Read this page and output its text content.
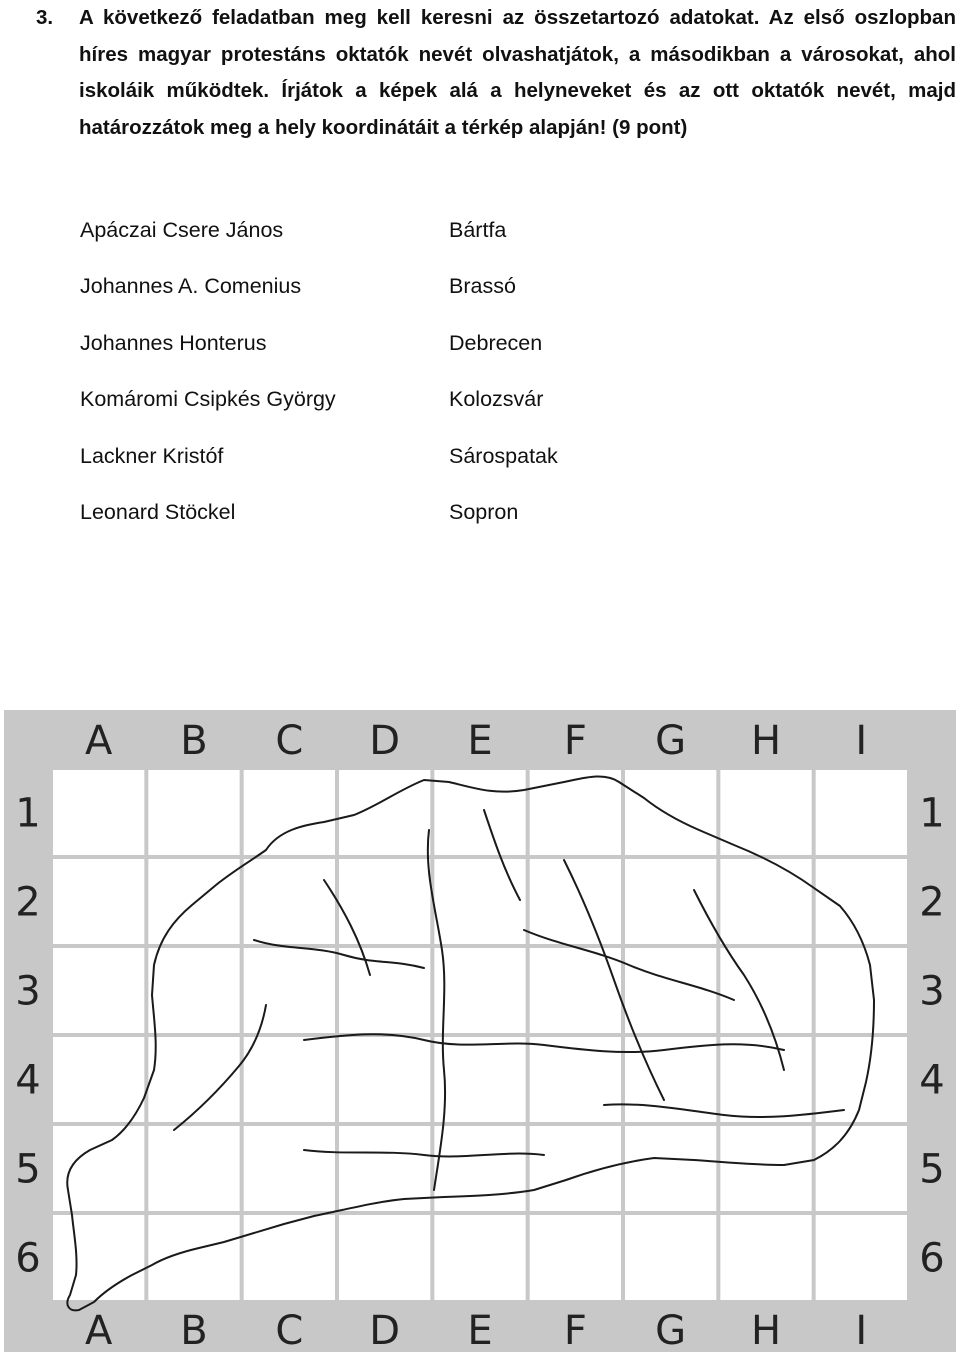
3. A következő feladatban meg kell keresni az összetartozó adatokat. Az első oszlopban híres magyar protestáns oktatók nevét olvashatjátok, a másodikban a városokat, ahol iskoláik működtek. Írjátok a képek alá a helyneveket és az ott oktatók nevét, majd határozzátok meg a hely koordinátáit a térkép alapján! (9 pont)
Apáczai Csere János
Johannes A. Comenius
Johannes Honterus
Komáromi Csipkés György
Lackner Kristóf
Leonard Stöckel
Bártfa
Brassó
Debrecen
Kolozsvár
Sárospatak
Sopron
A B C D E F G H I
A B C D E F G H I
1
2
3
4
5
6
1
2
3
4
5
6
